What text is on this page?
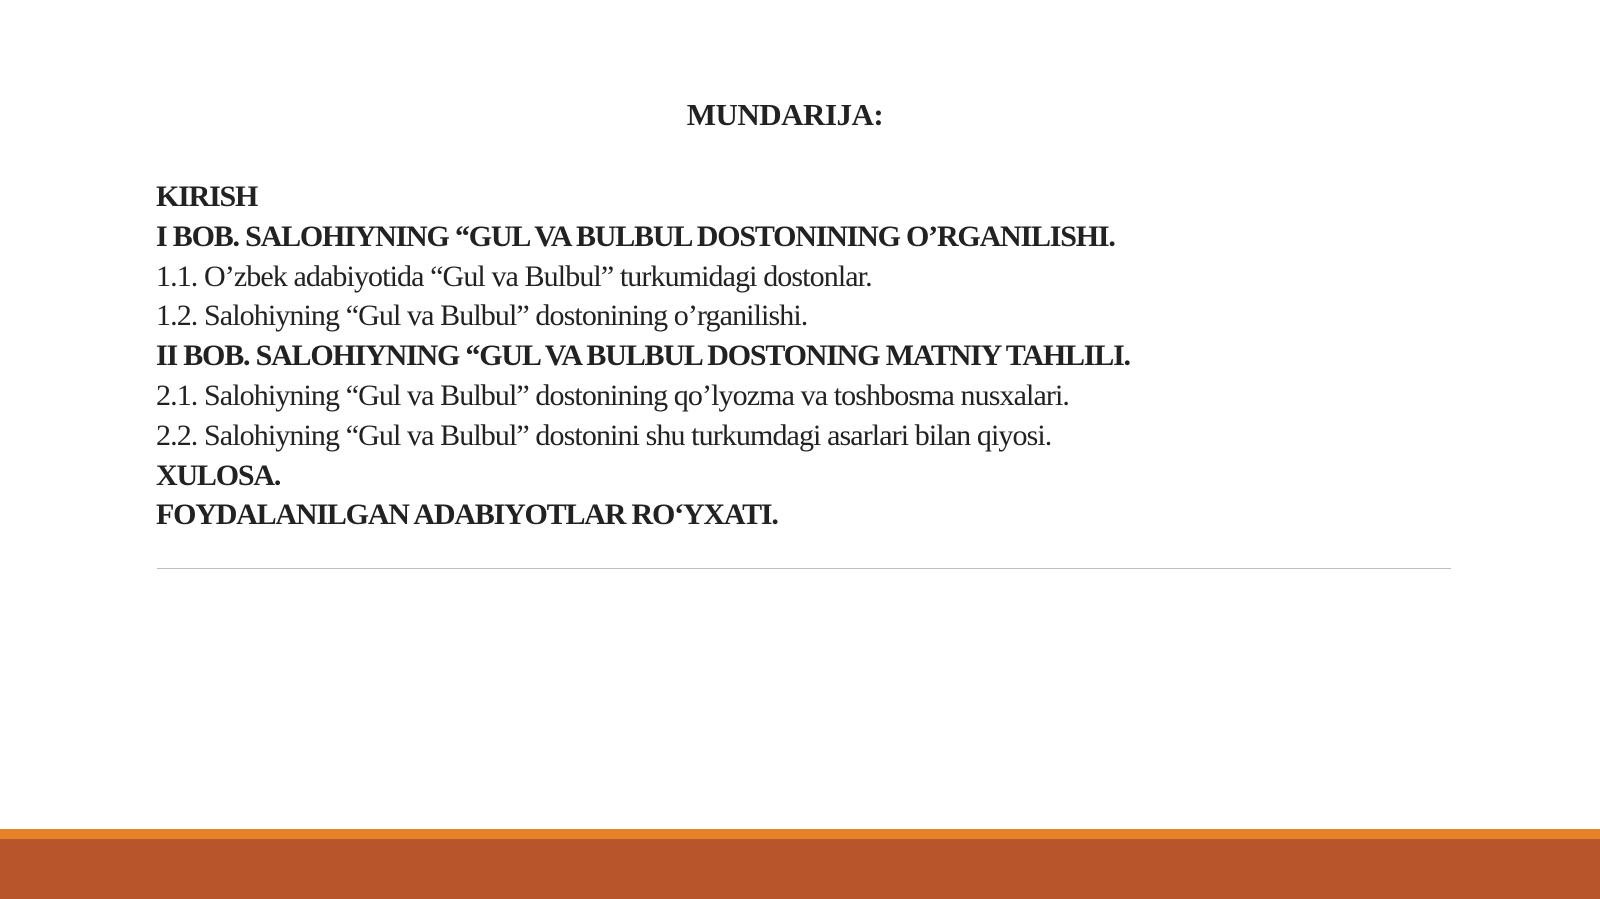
MUNDARIJA:
KIRISH
I BOB. SALOHIYNING “GUL VA BULBUL DOSTONINING O’RGANILISHI.
1.1. O’zbek adabiyotida “Gul va Bulbul” turkumidagi dostonlar.
1.2. Salohiyning “Gul va Bulbul” dostonining o’rganilishi.
II BOB. SALOHIYNING “GUL VA BULBUL DOSTONING MATNIY TAHLILI.
2.1. Salohiyning “Gul va Bulbul” dostonining qo’lyozma va toshbosma nusxalari.
2.2. Salohiyning “Gul va Bulbul” dostonini shu turkumdagi asarlari bilan qiyosi.
XULOSA.
FOYDALANILGAN ADABIYOTLAR RO‘YXATI.
